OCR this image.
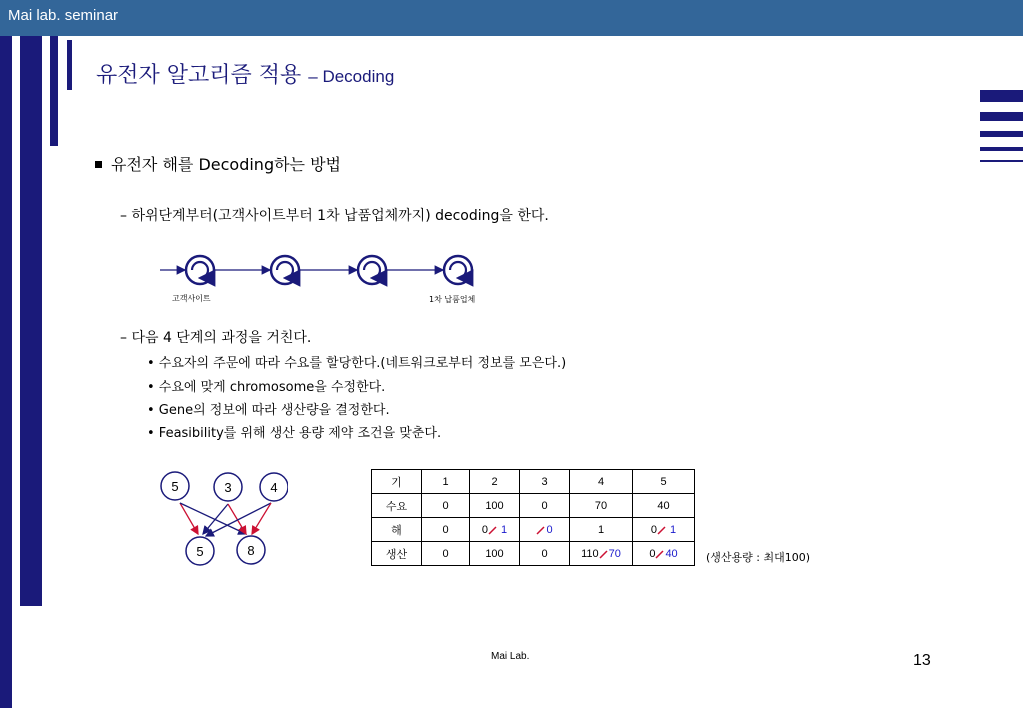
Mai lab. seminar
유전자 알고리즘 적용 – Decoding
유전자 해를 Decoding하는 방법
– 하위단계부터(고객사이트부터 1차 납품업체까지) decoding을 한다.
고객사이트	1차 납품업체
– 다음 4 단계의 과정을 거친다.
• 수요자의 주문에 따라 수요를 할당한다.(네트워크로부터 정보를 모은다.)
• 수요에 맞게 chromosome을 수정한다.
• Gene의 정보에 따라 생산량을 결정한다.
• Feasibility를 위해 생산 용량 제약 조건을 맞춘다.
5	3	4
5	8
기	1	2	3	4	5
수요	0	100	0	70	40
해	0	0 1	0	1	0 1
생산	0	100	0	110 70	0 40	(생산용량 : 최대100)
Mai Lab.	13
